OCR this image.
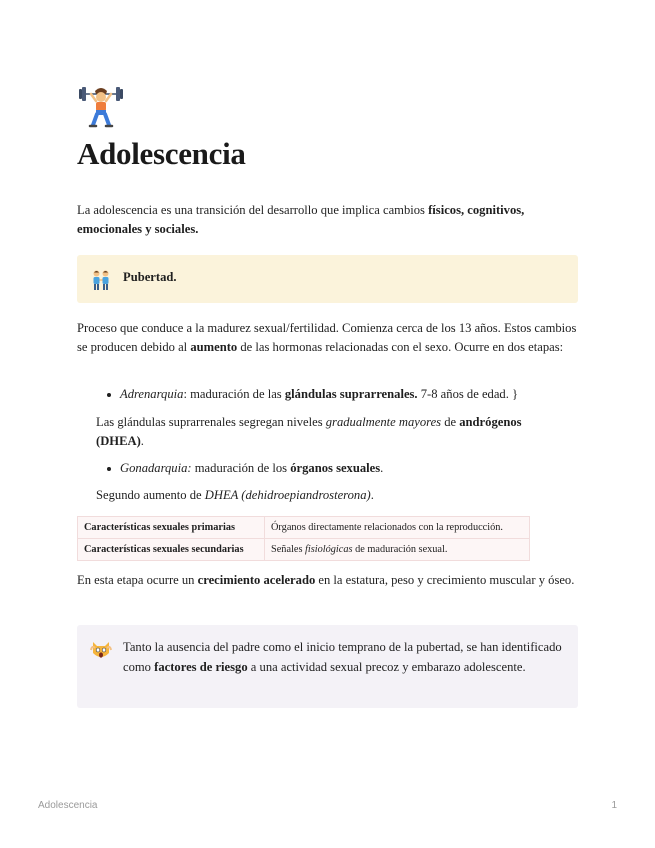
Adolescencia

La adolescencia es una transición del desarrollo que implica cambios físicos, cognitivos, emocionales y sociales.

Pubertad.

Proceso que conduce a la madurez sexual/fertilidad. Comienza cerca de los 13 años. Estos cambios se producen debido al aumento de las hormonas relacionadas con el sexo. Ocurre en dos etapas:

Adrenarquia: maduración de las glándulas suprarrenales. 7-8 años de edad. }

Las glándulas suprarrenales segregan niveles gradualmente mayores de andrógenos (DHEA).

Gonadarquia: maduración de los órganos sexuales.

Segundo aumento de DHEA (dehidroepiandrosterona).

Características sexuales primarias	Órganos directamente relacionados con la reproducción.
Características sexuales secundarias	Señales fisiológicas de maduración sexual.

En esta etapa ocurre un crecimiento acelerado en la estatura, peso y crecimiento muscular y óseo.

Tanto la ausencia del padre como el inicio temprano de la pubertad, se han identificado como factores de riesgo a una actividad sexual precoz y embarazo adolescente.
Adolescencia	1
